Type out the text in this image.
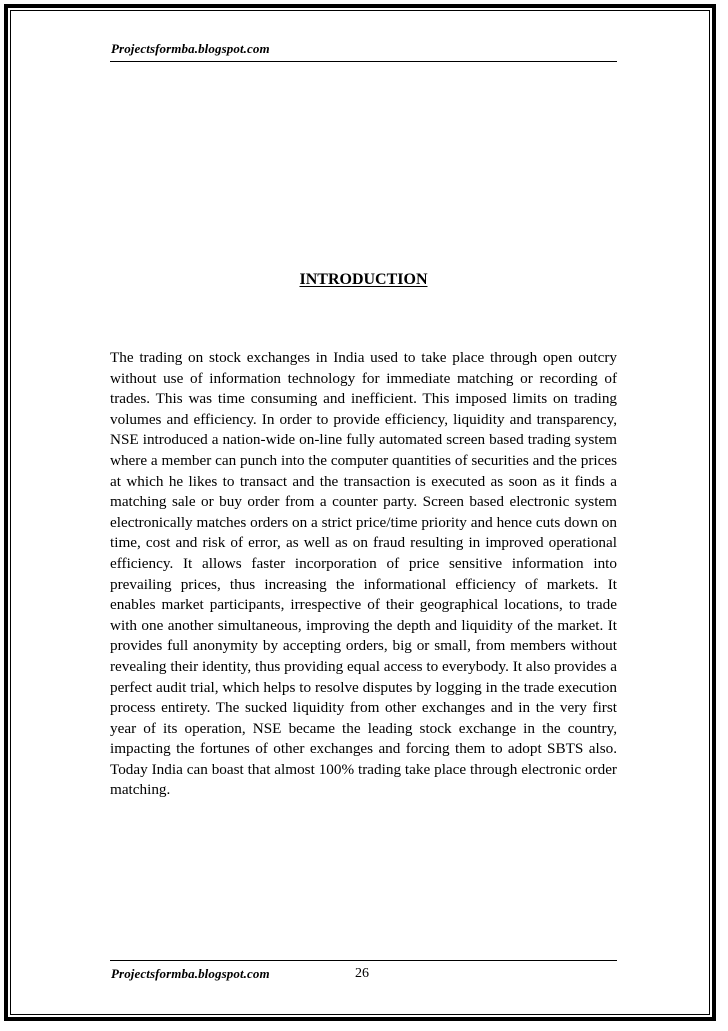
Projectsformba.blogspot.com
INTRODUCTION

The trading on stock exchanges in India used to take place through open outcry without use of information technology for immediate matching or recording of trades. This was time consuming and inefficient. This imposed limits on trading volumes and efficiency. In order to provide efficiency, liquidity and transparency, NSE introduced a nation-wide on-line fully automated screen based trading system where a member can punch into the computer quantities of securities and the prices at which he likes to transact and the transaction is executed as soon as it finds a matching sale or buy order from a counter party. Screen based electronic system electronically matches orders on a strict price/time priority and hence cuts down on time, cost and risk of error, as well as on fraud resulting in improved operational efficiency. It allows faster incorporation of price sensitive information into prevailing prices, thus increasing the informational efficiency of markets. It enables market participants, irrespective of their geographical locations, to trade with one another simultaneous, improving the depth and liquidity of the market. It provides full anonymity by accepting orders, big or small, from members without revealing their identity, thus providing equal access to everybody. It also provides a perfect audit trial, which helps to resolve disputes by logging in the trade execution process entirety. The sucked liquidity from other exchanges and in the very first year of its operation, NSE became the leading stock exchange in the country, impacting the fortunes of other exchanges and forcing them to adopt SBTS also. Today India can boast that almost 100% trading take place through electronic order matching.

Projectsformba.blogspot.com	26
